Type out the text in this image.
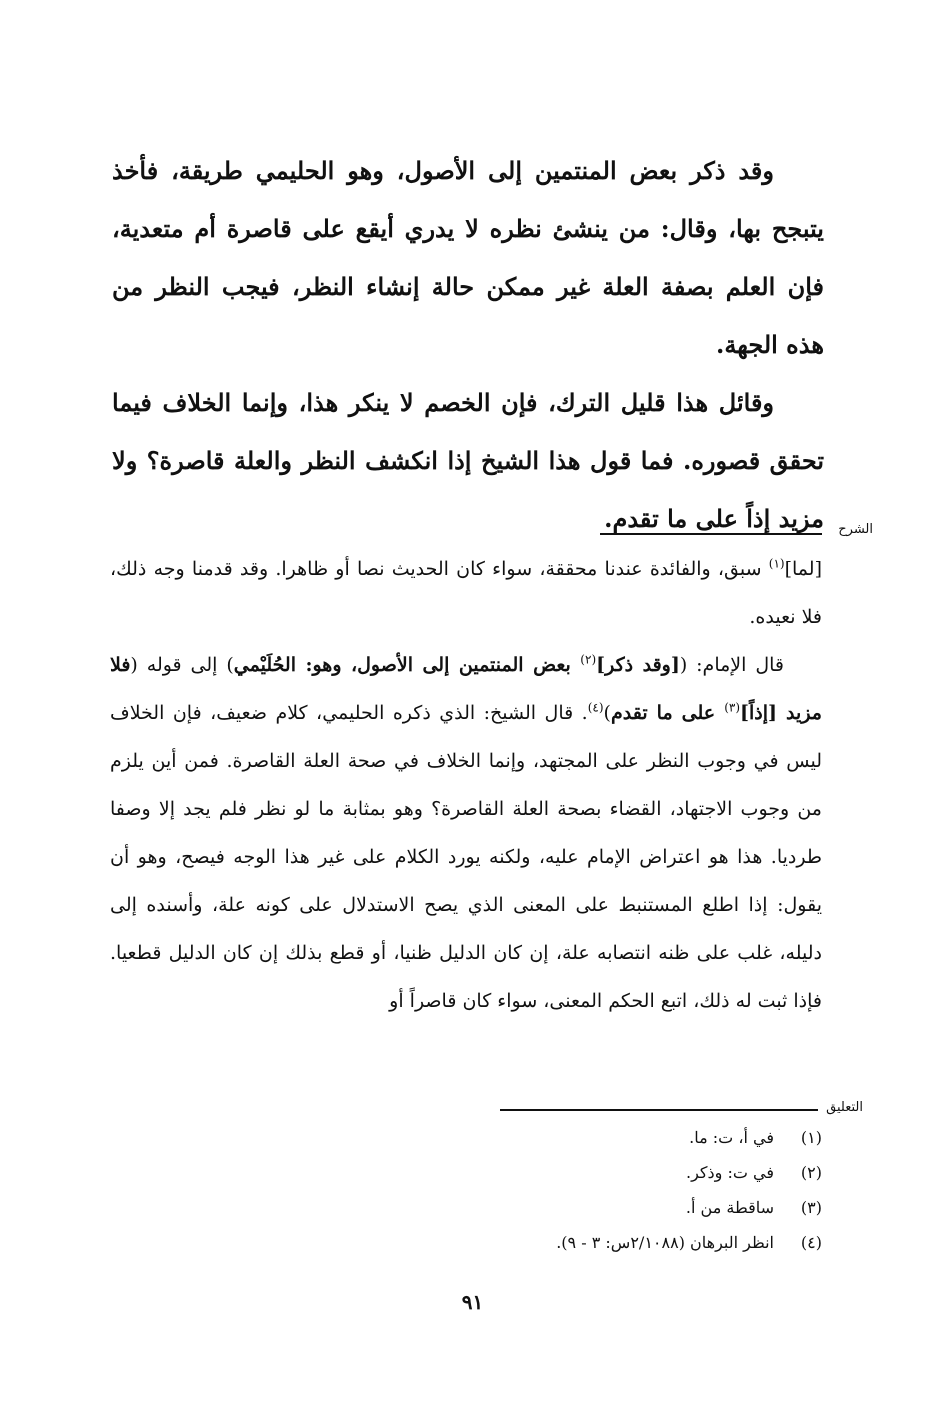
وقد ذكر بعض المنتمين إلى الأصول، وهو الحليمي طريقة، فأخذ يتبجح بها، وقال: من ينشئ نظره لا يدري أيقع على قاصرة أم متعدية، فإن العلم بصفة العلة غير ممكن حالة إنشاء النظر، فيجب النظر من هذه الجهة.

وقائل هذا قليل الترك، فإن الخصم لا ينكر هذا، وإنما الخلاف فيما تحقق قصوره. فما قول هذا الشيخ إذا انكشف النظر والعلة قاصرة؟ ولا مزيد إذاً على ما تقدم. الشرح

[لما]$^{(١)}$ سبق، والفائدة عندنا محققة، سواء كان الحديث نصا أو ظاهرا. وقد قدمنا وجه ذلك، فلا نعيده.

قال الإمام: ([وقد ذكر]$^{(٢)}$ بعض المنتمين إلى الأصول، وهو: الحُلَيْمي) إلى قوله (فلا مزيد [إذاً]$^{(٣)}$ على ما تقدم)$^{(٤)}$. قال الشيخ: الذي ذكره الحليمي، كلام ضعيف، فإن الخلاف ليس في وجوب النظر على المجتهد، وإنما الخلاف في صحة العلة القاصرة. فمن أين يلزم من وجوب الاجتهاد، القضاء بصحة العلة القاصرة؟ وهو بمثابة ما لو نظر فلم يجد إلا وصفا طرديا. هذا هو اعتراض الإمام عليه، ولكنه يورد الكلام على غير هذا الوجه فيصح، وهو أن يقول: إذا اطلع المستنبط على المعنى الذي يصح الاستدلال على كونه علة، وأسنده إلى دليله، غلب على ظنه انتصابه علة، إن كان الدليل ظنيا، أو قطع بذلك إن كان الدليل قطعيا. فإذا ثبت له ذلك، اتبع الحكم المعنى، سواء كان قاصراً أو

التعليق
(١)
في أ، ت: ما.
(٢)
في ت: وذكر.
(٣)
ساقطة من أ.
(٤)
انظر البرهان (٢/١٠٨٨س: ٣ - ٩).
٩١
